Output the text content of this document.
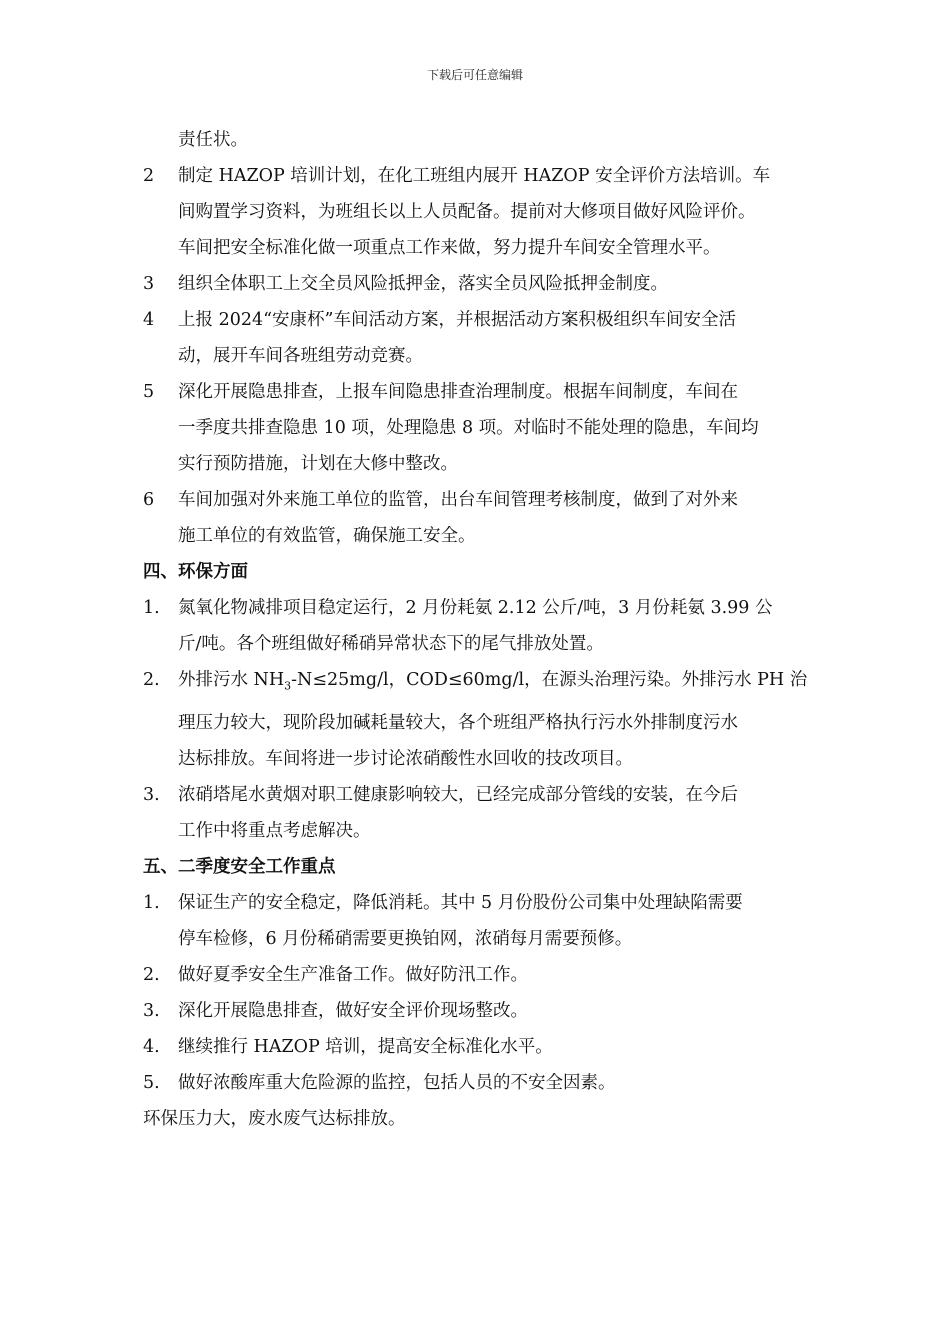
下载后可任意编辑
责任状。
2	制定 HAZOP 培训计划，在化工班组内展开 HAZOP 安全评价方法培训。车
间购置学习资料，为班组长以上人员配备。提前对大修项目做好风险评价。
车间把安全标准化做一项重点工作来做，努力提升车间安全管理水平。
3	组织全体职工上交全员风险抵押金，落实全员风险抵押金制度。
4	上报 2024“安康杯”车间活动方案，并根据活动方案积极组织车间安全活
动，展开车间各班组劳动竞赛。
5	深化开展隐患排查，上报车间隐患排查治理制度。根据车间制度，车间在
一季度共排查隐患 10 项，处理隐患 8 项。对临时不能处理的隐患，车间均
实行预防措施，计划在大修中整改。
6	车间加强对外来施工单位的监管，出台车间管理考核制度，做到了对外来
施工单位的有效监管，确保施工安全。
四、环保方面
1.	氮氧化物减排项目稳定运行，2 月份耗氨 2.12 公斤/吨，3 月份耗氨 3.99 公
斤/吨。各个班组做好稀硝异常状态下的尾气排放处置。
2.	外排污水 $NH_3-N\le 25mg/l$，COD≤60mg/l，在源头治理污染。外排污水 PH 治
理压力较大，现阶段加碱耗量较大，各个班组严格执行污水外排制度污水
达标排放。车间将进一步讨论浓硝酸性水回收的技改项目。
3.	浓硝塔尾水黄烟对职工健康影响较大，已经完成部分管线的安装，在今后
工作中将重点考虑解决。
五、二季度安全工作重点
1.	保证生产的安全稳定，降低消耗。其中 5 月份股份公司集中处理缺陷需要
停车检修，6 月份稀硝需要更换铂网，浓硝每月需要预修。
2.	做好夏季安全生产准备工作。做好防汛工作。
3.	深化开展隐患排查，做好安全评价现场整改。
4.	继续推行 HAZOP 培训，提高安全标准化水平。
5.	做好浓酸库重大危险源的监控，包括人员的不安全因素。
环保压力大，废水废气达标排放。
